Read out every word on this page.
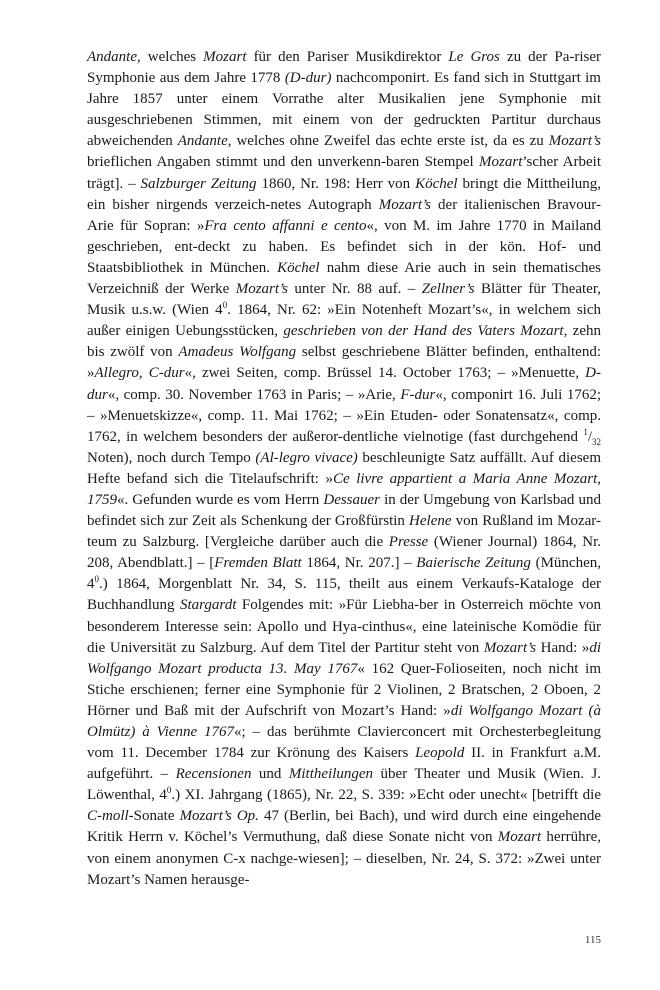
Andante, welches Mozart für den Pariser Musikdirektor Le Gros zu der Pa-riser Symphonie aus dem Jahre 1778 (D-dur) nachcomponirt. Es fand sich in Stuttgart im Jahre 1857 unter einem Vorrathe alter Musikalien jene Symphonie mit ausgeschriebenen Stimmen, mit einem von der gedruckten Partitur durchaus abweichenden Andante, welches ohne Zweifel das echte erste ist, da es zu Mozart’s brieflichen Angaben stimmt und den unverkenn-baren Stempel Mozart’scher Arbeit trägt]. – Salzburger Zeitung 1860, Nr. 198: Herr von Köchel bringt die Mittheilung, ein bisher nirgends verzeich-netes Autograph Mozart’s der italienischen Bravour-Arie für Sopran: »Fra cento affanni e cento«, von M. im Jahre 1770 in Mailand geschrieben, ent-deckt zu haben. Es befindet sich in der kön. Hof- und Staatsbibliothek in München. Köchel nahm diese Arie auch in sein thematisches Verzeichniß der Werke Mozart’s unter Nr. 88 auf. – Zellner’s Blätter für Theater, Musik u.s.w. (Wien $4^0$. 1864, Nr. 62: »Ein Notenheft Mozart’s«, in welchem sich außer einigen Uebungsstücken, geschrieben von der Hand des Vaters Mozart, zehn bis zwölf von Amadeus Wolfgang selbst geschriebene Blätter befinden, enthaltend: »Allegro, C-dur«, zwei Seiten, comp. Brüssel 14. October 1763; – »Menuette, D-dur«, comp. 30. November 1763 in Paris; – »Arie, F-dur«, componirt 16. Juli 1762; – »Menuetskizze«, comp. 11. Mai 1762; – »Ein Etuden- oder Sonatensatz«, comp. 1762, in welchem besonders der außeror-dentliche vielnotige (fast durchgehend $^1/_{32}$ Noten), noch durch Tempo (Al-legro vivace) beschleunigte Satz auffällt. Auf diesem Hefte befand sich die Titelaufschrift: »Ce livre appartient a Maria Anne Mozart, 1759«. Gefunden wurde es vom Herrn Dessauer in der Umgebung von Karlsbad und befindet sich zur Zeit als Schenkung der Großfürstin Helene von Rußland im Mozar-teum zu Salzburg. [Vergleiche darüber auch die Presse (Wiener Journal) 1864, Nr. 208, Abendblatt.] – [Fremden Blatt 1864, Nr. 207.] – Baierische Zeitung (München, $4^0$.) 1864, Morgenblatt Nr. 34, S. 115, theilt aus einem Verkaufs-Kataloge der Buchhandlung Stargardt Folgendes mit: »Für Liebha-ber in Osterreich möchte von besonderem Interesse sein: Apollo und Hya-cinthus«, eine lateinische Komödie für die Universität zu Salzburg. Auf dem Titel der Partitur steht von Mozart’s Hand: »di Wolfgango Mozart producta 13. May 1767« 162 Quer-Folioseiten, noch nicht im Stiche erschienen; ferner eine Symphonie für 2 Violinen, 2 Bratschen, 2 Oboen, 2 Hörner und Baß mit der Aufschrift von Mozart’s Hand: »di Wolfgango Mozart (à Olmütz) à Vienne 1767«; – das berühmte Clavierconcert mit Orchesterbegleitung vom 11. December 1784 zur Krönung des Kaisers Leopold II. in Frankfurt a.M. aufgeführt. – Recensionen und Mittheilungen über Theater und Musik (Wien. J. Löwenthal, $4^0$.) XI. Jahrgang (1865), Nr. 22, S. 339: »Echt oder unecht« [betrifft die C-moll-Sonate Mozart’s Op. 47 (Berlin, bei Bach), und wird durch eine eingehende Kritik Herrn v. Köchel’s Vermuthung, daß diese Sonate nicht von Mozart herrühre, von einem anonymen C-x nachge-wiesen]; – dieselben, Nr. 24, S. 372: »Zwei unter Mozart’s Namen herausge-

115
